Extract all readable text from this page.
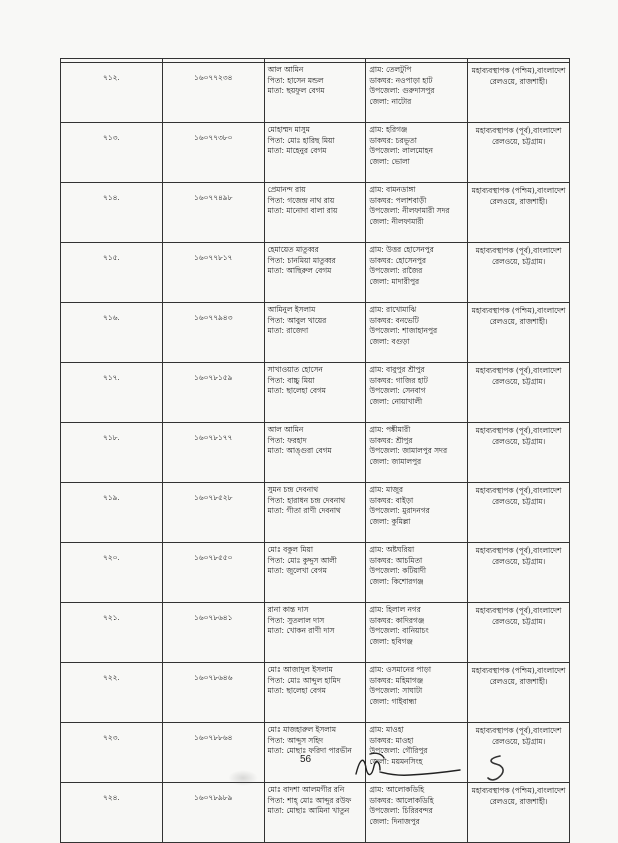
৭১২.	১৬০৭৭২৩৪	আল আমিন
পিতা: হাসেন মন্ডল
মাতা: ছয়ফুল বেগম	গ্রাম: তেলটুপি
ডাকঘর: নওপাড়া হাট
উপজেলা: গুরুদাসপুর
জেলা: নাটোর	মহাব্যবস্থাপক (পশ্চিম),বাংলাদেশ
রেলওয়ে, রাজশাহী।

৭১৩.	১৬০৭৭৩৮০	মোহাম্মদ মাসুম
পিতা: মোঃ হারিছ মিয়া
মাতা: মাহেনুর বেগম	গ্রাম: হরিগঞ্জ
ডাকঘর: চরভূতা
উপজেলা: লালমোহন
জেলা: ভোলা	মহাব্যবস্থাপক (পূর্ব),বাংলাদেশ
রেলওয়ে, চট্টগ্রাম।

৭১৪.	১৬০৭৭৪৯৮	প্রেমানন্দ রায়
পিতা: গজেন্দ্র নাথ রায়
মাতা: মানোদা বালা রায়	গ্রাম: বামনডাঙ্গা
ডাকঘর: পলাশবাড়ী
উপজেলা: নীলফামারী সদর
জেলা: নীলফামারী	মহাব্যবস্থাপক (পশ্চিম),বাংলাদেশ
রেলওয়ে, রাজশাহী।

৭১৫.	১৬০৭৭৮১৭	হেমায়েত মাতুব্বর
পিতা: চানমিয়া মাতুব্বর
মাতা: আছিরুল বেগম	গ্রাম: উত্তর হোসেনপুর
ডাকঘর: হোসেনপুর
উপজেলা: রাজৈর
জেলা: মাদারীপুর	মহাব্যবস্থাপক (পূর্ব),বাংলাদেশ
রেলওয়ে, চট্টগ্রাম।

৭১৬.	১৬০৭৭৯৪৩	আমিনুল ইসলাম
পিতা: আবুল খায়ের
মাতা: রাজেদা	গ্রাম: রাখোমাঝি
ডাকঘর: বনভেটি
উপজেলা: শাজাহানপুর
জেলা: বগুড়া	মহাব্যবস্থাপক (পশ্চিম),বাংলাদেশ
রেলওয়ে, রাজশাহী।

৭১৭.	১৬০৭৮১৫৯	সাখাওয়াত হোসেন
পিতা: বাচ্চু মিয়া
মাতা: ছালেহা বেগম	গ্রাম: বাবুপুর শ্রীপুর
ডাকঘর: গাজির হাট
উপজেলা: সেনবাগ
জেলা: নোয়াখালী	মহাব্যবস্থাপক (পূর্ব),বাংলাদেশ
রেলওয়ে, চট্টগ্রাম।

৭১৮.	১৬০৭৮১৭৭	আল আমিন
পিতা: ফরহাদ
মাতা: আঙ্গুরা বেগম	গ্রাম: পঙ্কীমারী
ডাকঘর: শ্রীপুর
উপজেলা: জামালপুর সদর
জেলা: জামালপুর	মহাব্যবস্থাপক (পূর্ব),বাংলাদেশ
রেলওয়ে, চট্টগ্রাম।

৭১৯.	১৬০৭৮৫২৮	সুমন চন্দ্র দেবনাথ
পিতা: হারাধন চন্দ্র দেবনাথ
মাতা: গীতা রাণী দেবনাথ	গ্রাম: মাজুর
ডাকঘর: বাইড়া
উপজেলা: মুরাদনগর
জেলা: কুমিল্লা	মহাব্যবস্থাপক (পূর্ব),বাংলাদেশ
রেলওয়ে, চট্টগ্রাম।

৭২০.	১৬০৭৮৫৫০	মোঃ বকুল মিয়া
পিতা: মোঃ কুদ্দুস আলী
মাতা: জুলেখা বেগম	গ্রাম: অষ্টঘরিয়া
ডাকঘর: আচমিতা
উপজেলা: কটিয়াদী
জেলা: কিশোরগঞ্জ	মহাব্যবস্থাপক (পূর্ব),বাংলাদেশ
রেলওয়ে, চট্টগ্রাম।

৭২১.	১৬০৭৮৬৪১	রানা কান্ত দাস
পিতা: সুতলাল দাস
মাতা: খোকন রাণী দাস	গ্রাম: হিলাল নগর
ডাকঘর: কাদিরগঞ্জ
উপজেলা: বানিয়াচং
জেলা: হবিগঞ্জ	মহাব্যবস্থাপক (পূর্ব),বাংলাদেশ
রেলওয়ে, চট্টগ্রাম।

৭২২.	১৬০৭৮৬৪৬	মোঃ আজাদুল ইসলাম
পিতা: মোঃ আব্দুল হামিদ
মাতা: ছালেহা বেগম	গ্রাম: ওসমানের পাড়া
ডাকঘর: মহিমাগঞ্জ
উপজেলা: সাঘাটা
জেলা: গাইবান্ধা	মহাব্যবস্থাপক (পশ্চিম),বাংলাদেশ
রেলওয়ে, রাজশাহী।

৭২৩.	১৬০৭৮৮৬৪	মোঃ মাজহারুল ইসলাম
পিতা: আব্দুস সহিদ
মাতা: মোছাঃ ফরিদা পারভীন	গ্রাম: মাওহা
ডাকঘর: মাওহা
উপজেলা: গৌরিপুর
জেলা: ময়মনসিংহ	মহাব্যবস্থাপক (পূর্ব),বাংলাদেশ
রেলওয়ে, চট্টগ্রাম।

৭২৪.	১৬০৭৮৯৮৯	মোঃ বাদশা আলমগীর রনি
পিতা: শাহ্ মোঃ আব্দুর রউফ
মাতা: মোছাঃ আমিনা খাতুন	গ্রাম: আলোকডিহি
ডাকঘর: আলোকডিহি
উপজেলা: চিরিরবন্দর
জেলা: দিনাজপুর	মহাব্যবস্থাপক (পশ্চিম),বাংলাদেশ
রেলওয়ে, রাজশাহী।
56
